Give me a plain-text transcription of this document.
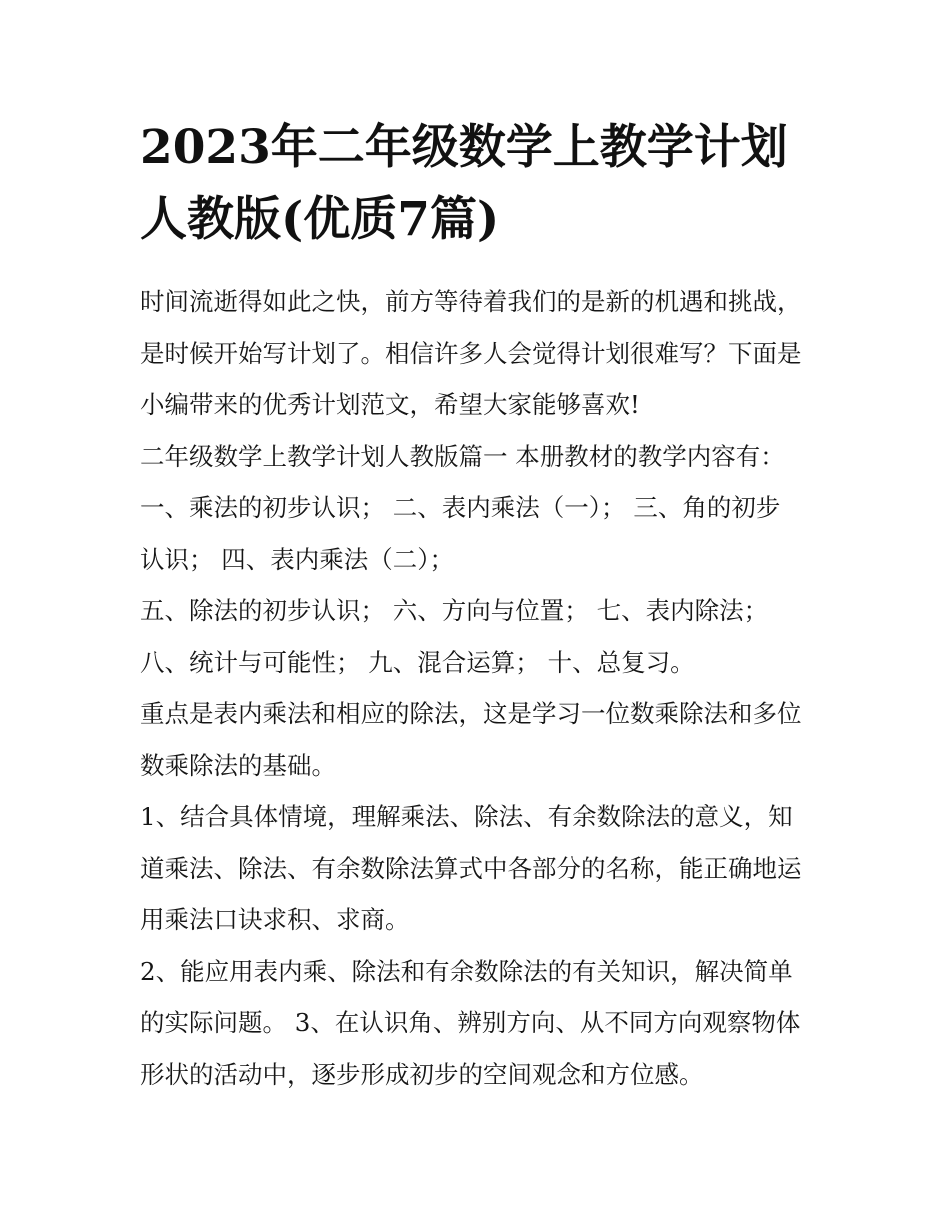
2023年二年级数学上教学计划
人教版(优质7篇)
时间流逝得如此之快，前方等待着我们的是新的机遇和挑战，
是时候开始写计划了。相信许多人会觉得计划很难写？下面是
小编带来的优秀计划范文，希望大家能够喜欢!
二年级数学上教学计划人教版篇一 本册教材的教学内容有：
一、乘法的初步认识； 二、表内乘法（一）； 三、角的初步
认识； 四、表内乘法（二）；
五、除法的初步认识； 六、方向与位置； 七、表内除法；
八、统计与可能性； 九、混合运算； 十、总复习。
重点是表内乘法和相应的除法，这是学习一位数乘除法和多位
数乘除法的基础。
1、结合具体情境，理解乘法、除法、有余数除法的意义，知
道乘法、除法、有余数除法算式中各部分的名称，能正确地运
用乘法口诀求积、求商。
2、能应用表内乘、除法和有余数除法的有关知识，解决简单
的实际问题。 3、在认识角、辨别方向、从不同方向观察物体
形状的活动中，逐步形成初步的空间观念和方位感。
